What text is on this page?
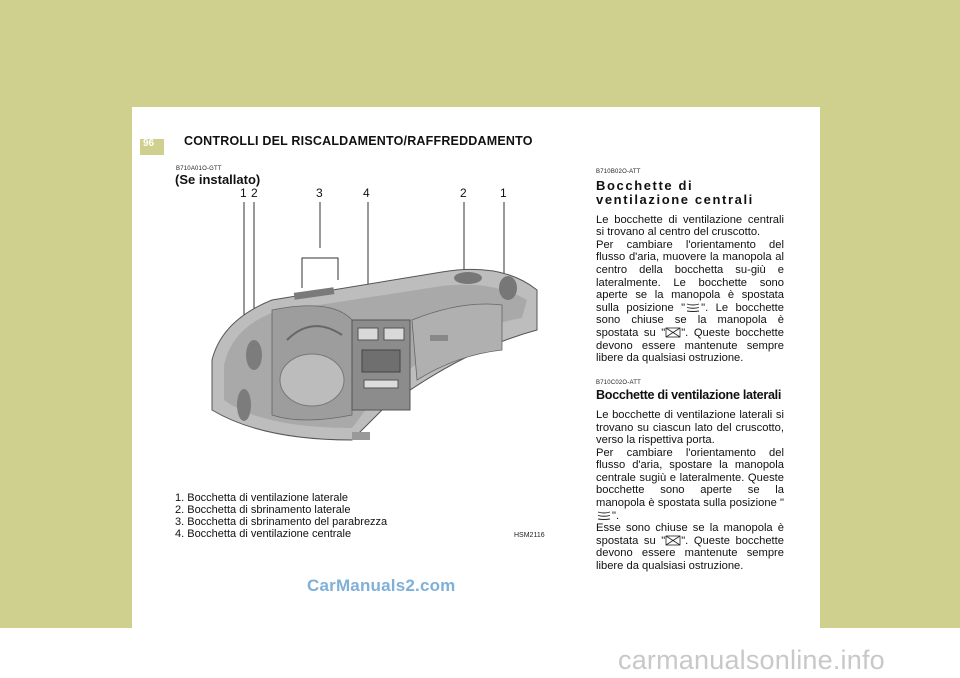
1 CARATTERISTICHE DELLA VETTURA
96 CONTROLLI DEL RISCALDAMENTO/RAFFREDDAMENTO
B710A01O-GTT
(Se installato)
1 2	3	4	2	1
1. Bocchetta di ventilazione laterale
2. Bocchetta di sbrinamento laterale
3. Bocchetta di sbrinamento del parabrezza
4. Bocchetta di ventilazione centrale	HSM2116
B710B02O-ATT
Bocchette di ventilazione centrali

Le bocchette di ventilazione centrali si trovano al centro del cruscotto.

Per cambiare l'orientamento del flusso d'aria, muovere la manopola al centro della bocchetta su-giù e lateralmente. Le bocchette sono aperte se la manopola è spostata sulla posizione " ". Le bocchette sono chiuse se la manopola è spostata su " ". Queste bocchette devono essere mantenute sempre libere da qualsiasi ostruzione.

B710C02O-ATT
Bocchette di ventilazione laterali

Le bocchette di ventilazione laterali si trovano su ciascun lato del cruscotto, verso la rispettiva porta.

Per cambiare l'orientamento del flusso d'aria, spostare la manopola centrale sugiù e lateralmente. Queste bocchette sono aperte se la manopola è spostata sulla posizione "".

Esse sono chiuse se la manopola è spostata su " ". Queste bocchette devono essere mantenute sempre libere da qualsiasi ostruzione.

CarManuals2.com
carmanualsonline.info
